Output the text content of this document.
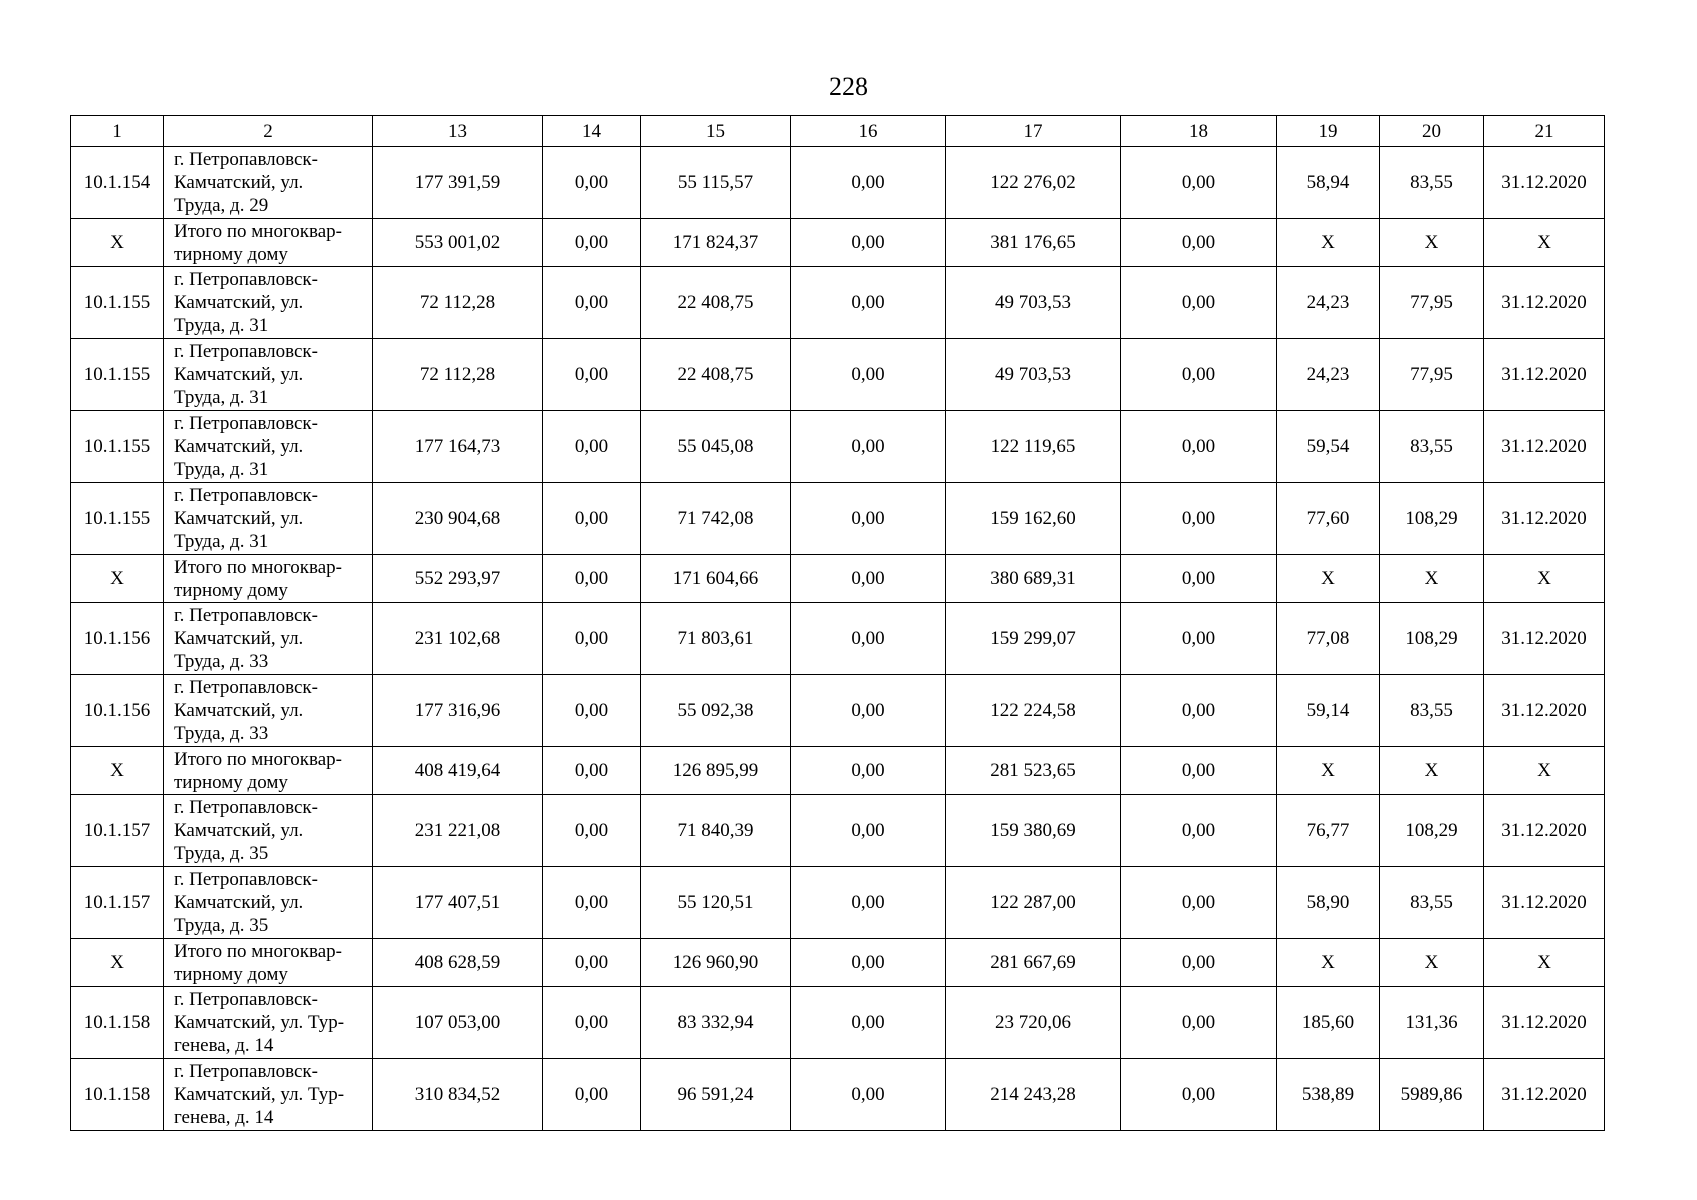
228
1	2	13	14	15	16	17	18	19	20	21
10.1.154	г. Петропавловск-
Камчатский, ул.
Труда, д. 29	177 391,59	0,00	55 115,57	0,00	122 276,02	0,00	58,94	83,55	31.12.2020
Х	Итого по многоквар-
тирному дому	553 001,02	0,00	171 824,37	0,00	381 176,65	0,00	Х	Х	Х
10.1.155	г. Петропавловск-
Камчатский, ул.
Труда, д. 31	72 112,28	0,00	22 408,75	0,00	49 703,53	0,00	24,23	77,95	31.12.2020
10.1.155	г. Петропавловск-
Камчатский, ул.
Труда, д. 31	72 112,28	0,00	22 408,75	0,00	49 703,53	0,00	24,23	77,95	31.12.2020
10.1.155	г. Петропавловск-
Камчатский, ул.
Труда, д. 31	177 164,73	0,00	55 045,08	0,00	122 119,65	0,00	59,54	83,55	31.12.2020
10.1.155	г. Петропавловск-
Камчатский, ул.
Труда, д. 31	230 904,68	0,00	71 742,08	0,00	159 162,60	0,00	77,60	108,29	31.12.2020
Х	Итого по многоквар-
тирному дому	552 293,97	0,00	171 604,66	0,00	380 689,31	0,00	Х	Х	Х
10.1.156	г. Петропавловск-
Камчатский, ул.
Труда, д. 33	231 102,68	0,00	71 803,61	0,00	159 299,07	0,00	77,08	108,29	31.12.2020
10.1.156	г. Петропавловск-
Камчатский, ул.
Труда, д. 33	177 316,96	0,00	55 092,38	0,00	122 224,58	0,00	59,14	83,55	31.12.2020
Х	Итого по многоквар-
тирному дому	408 419,64	0,00	126 895,99	0,00	281 523,65	0,00	Х	Х	Х
10.1.157	г. Петропавловск-
Камчатский, ул.
Труда, д. 35	231 221,08	0,00	71 840,39	0,00	159 380,69	0,00	76,77	108,29	31.12.2020
10.1.157	г. Петропавловск-
Камчатский, ул.
Труда, д. 35	177 407,51	0,00	55 120,51	0,00	122 287,00	0,00	58,90	83,55	31.12.2020
Х	Итого по многоквар-
тирному дому	408 628,59	0,00	126 960,90	0,00	281 667,69	0,00	Х	Х	Х
10.1.158	г. Петропавловск-
Камчатский, ул. Тур-
генева, д. 14	107 053,00	0,00	83 332,94	0,00	23 720,06	0,00	185,60	131,36	31.12.2020
10.1.158	г. Петропавловск-
Камчатский, ул. Тур-
генева, д. 14	310 834,52	0,00	96 591,24	0,00	214 243,28	0,00	538,89	5989,86	31.12.2020
